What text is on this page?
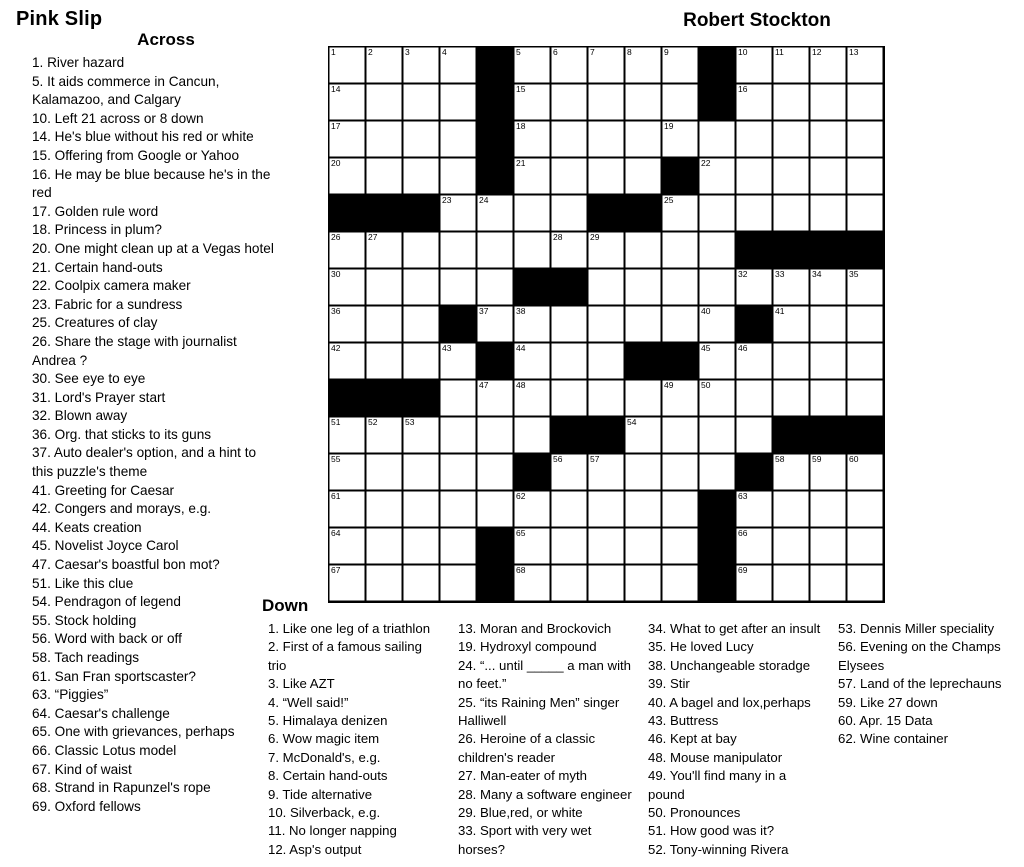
Pink Slip	Robert Stockton
Across
1. River hazard
5. It aids commerce in Cancun, Kalamazoo, and Calgary
10. Left 21 across or 8 down
14. He's blue without his red or white
15. Offering from Google or Yahoo
16. He may be blue because he's in the red
17. Golden rule word
18. Princess in plum?
20. One might clean up at a Vegas hotel
21. Certain hand-outs
22. Coolpix camera maker
23. Fabric for a sundress
25. Creatures of clay
26. Share the stage with journalist Andrea ?
30. See eye to eye
31. Lord's Prayer start
32. Blown away
36. Org. that sticks to its guns
37. Auto dealer's option, and a hint to this puzzle's theme
41. Greeting for Caesar
42. Congers and morays, e.g.
44. Keats creation
45. Novelist Joyce Carol
47. Caesar's boastful bon mot?
51. Like this clue
54. Pendragon of legend
55. Stock holding
56. Word with back or off
58. Tach readings
61. San Fran sportscaster?
63. “Piggies”
64. Caesar's challenge
65. One with grievances, perhaps
66. Classic Lotus model
67. Kind of waist
68. Strand in Rapunzel's rope
69. Oxford fellows
1	2	3	4	5	6	7	8	9	10	11	12	13
14	15	16
17	18	19
20	21	22
23	24	25
26	27	28	29
30	32	33	34	35
36	37	38	40	41
42	43	44	45	46
47	48	49	50
51	52	53	54
55	56	57	58	59	60
61	62	63
64	65	66
67	68	69
Down
1. Like one leg of a triathlon
2. First of a famous sailing trio
3. Like AZT
4. “Well said!”
5. Himalaya denizen
6. Wow magic item
7. McDonald's, e.g.
8. Certain hand-outs
9. Tide alternative
10. Silverback, e.g.
11. No longer napping
12. Asp's output
13. Moran and Brockovich
19. Hydroxyl compound
24. “... until _____ a man with no feet.”
25. “its Raining Men” singer Halliwell
26. Heroine of a classic children's reader
27. Man-eater of myth
28. Many a software engineer
29. Blue,red, or white
33. Sport with very wet horses?
34. What to get after an insult
35. He loved Lucy
38. Unchangeable storadge
39. Stir
40. A bagel and lox,perhaps
43. Buttress
46. Kept at bay
48. Mouse manipulator
49. You'll find many in a pound
50. Pronounces
51. How good was it?
52. Tony-winning Rivera
53. Dennis Miller speciality
56. Evening on the Champs Elysees
57. Land of the leprechauns
59. Like 27 down
60. Apr. 15 Data
62. Wine container
